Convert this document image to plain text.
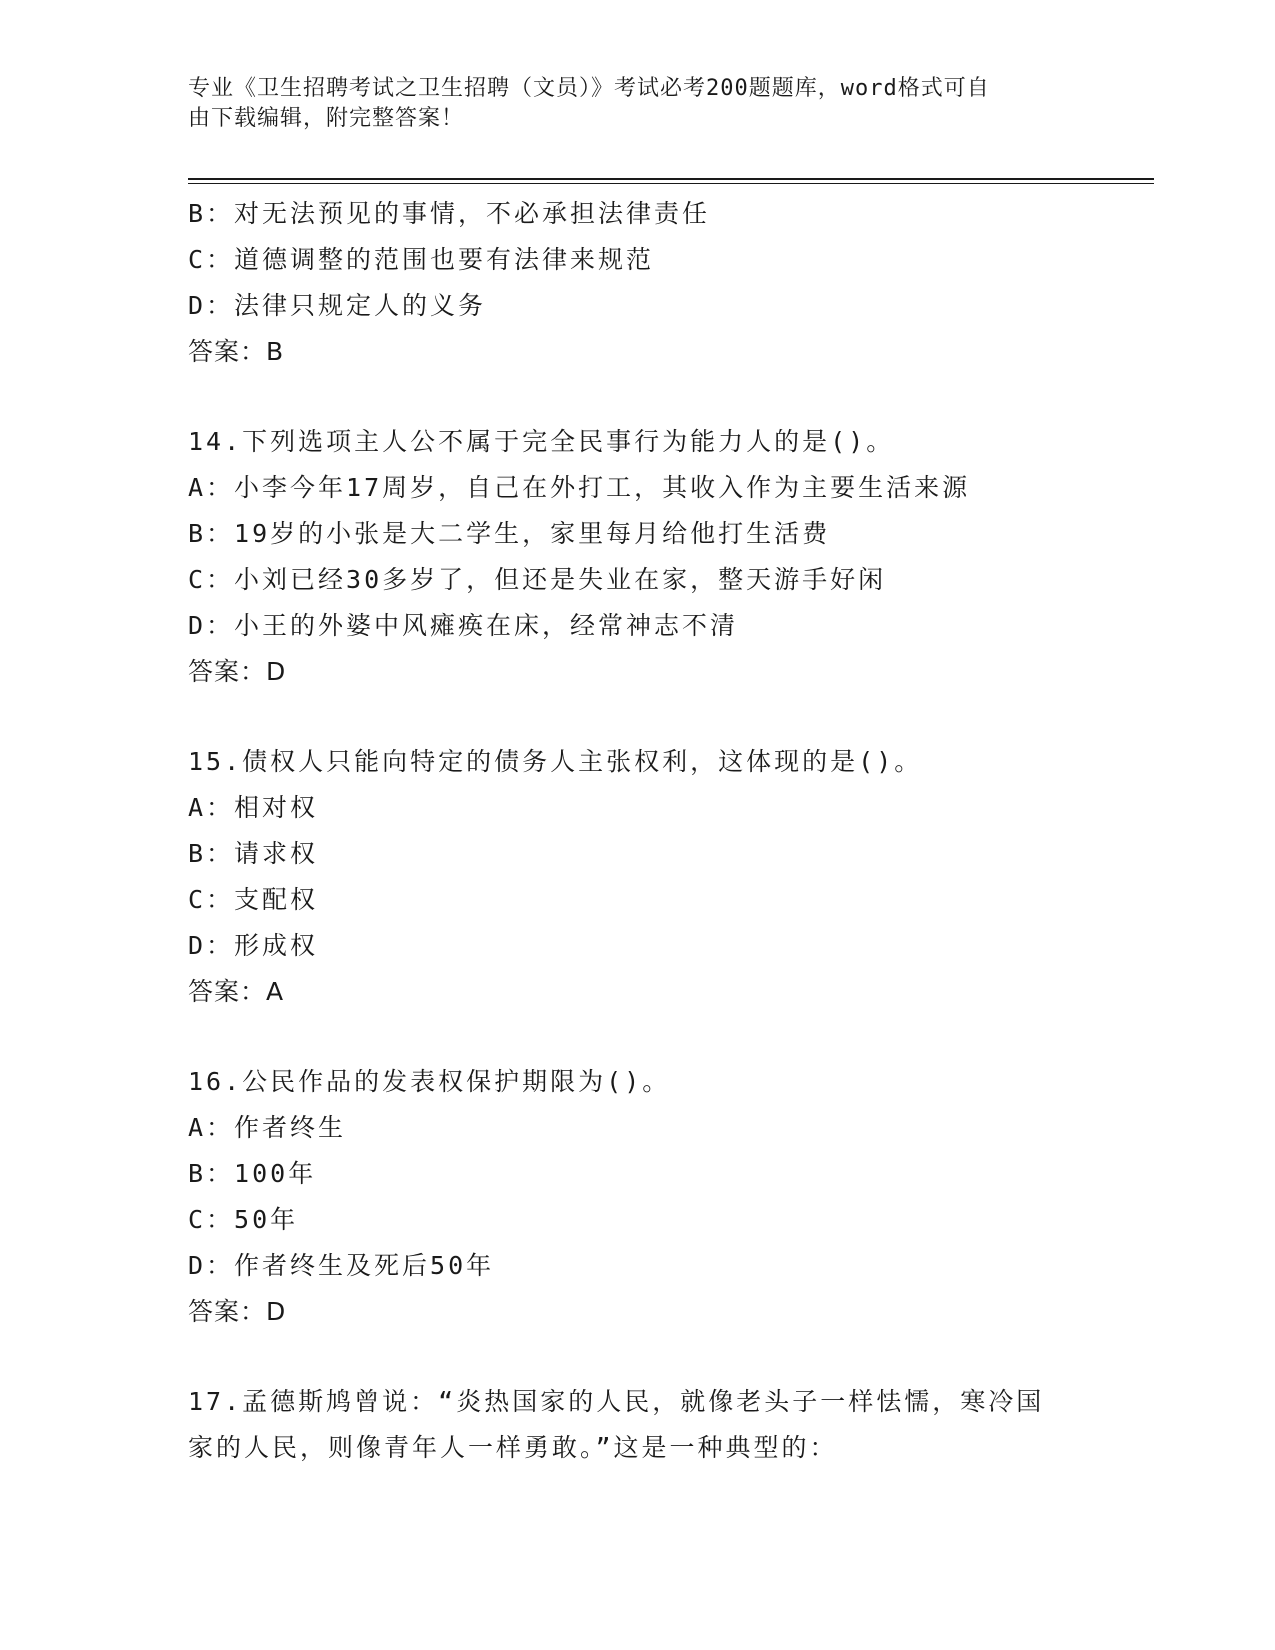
专业《卫生招聘考试之卫生招聘（文员）》考试必考200题题库，word格式可自

由下载编辑，附完整答案！

B：对无法预见的事情，不必承担法律责任
C：道德调整的范围也要有法律来规范
D：法律只规定人的义务
答案：B
14.下列选项主人公不属于完全民事行为能力人的是()。
A：小李今年17周岁，自己在外打工，其收入作为主要生活来源
B：19岁的小张是大二学生，家里每月给他打生活费
C：小刘已经30多岁了，但还是失业在家，整天游手好闲
D：小王的外婆中风瘫痪在床，经常神志不清
答案：D
15.债权人只能向特定的债务人主张权利，这体现的是()。
A：相对权
B：请求权
C：支配权
D：形成权
答案：A
16.公民作品的发表权保护期限为()。
A：作者终生
B：100年
C：50年
D：作者终生及死后50年
答案：D
17.孟德斯鸠曾说：“炎热国家的人民，就像老头子一样怯懦，寒冷国
家的人民，则像青年人一样勇敢。”这是一种典型的：
